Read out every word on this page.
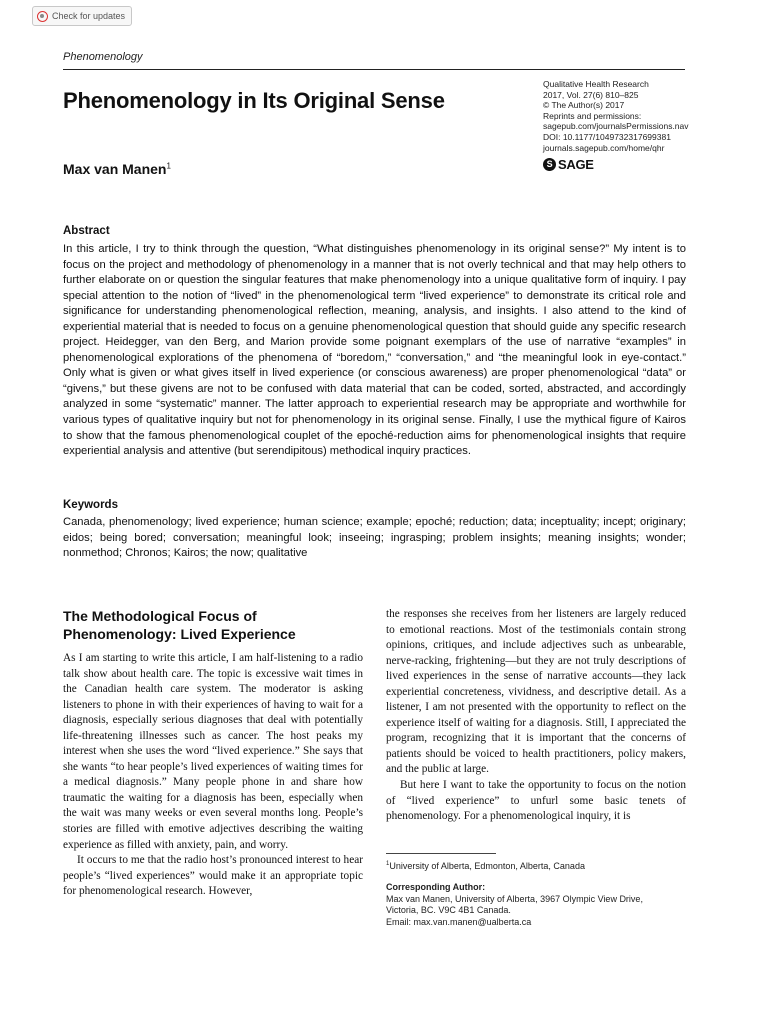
Check for updates
Phenomenology
Phenomenology in Its Original Sense
Max van Manen$^1$
Qualitative Health Research
2017, Vol. 27(6) 810–825
© The Author(s) 2017
Reprints and permissions:
sagepub.com/journalsPermissions.nav
DOI: 10.1177/1049732317699381
journals.sagepub.com/home/qhr
S SAGE
Abstract

In this article, I try to think through the question, “What distinguishes phenomenology in its original sense?” My intent is to focus on the project and methodology of phenomenology in a manner that is not overly technical and that may help others to further elaborate on or question the singular features that make phenomenology into a unique qualitative form of inquiry. I pay special attention to the notion of “lived” in the phenomenological term “lived experience” to demonstrate its critical role and significance for understanding phenomenological reflection, meaning, analysis, and insights. I also attend to the kind of experiential material that is needed to focus on a genuine phenomenological question that should guide any specific research project. Heidegger, van den Berg, and Marion provide some poignant exemplars of the use of narrative “examples” in phenomenological explorations of the phenomena of “boredom,” “conversation,” and “the meaningful look in eye-contact.” Only what is given or what gives itself in lived experience (or conscious awareness) are proper phenomenological “data” or “givens,” but these givens are not to be confused with data material that can be coded, sorted, abstracted, and accordingly analyzed in some “systematic” manner. The latter approach to experiential research may be appropriate and worthwhile for various types of qualitative inquiry but not for phenomenology in its original sense. Finally, I use the mythical figure of Kairos to show that the famous phenomenological couplet of the epoché-reduction aims for phenomenological insights that require experiential analysis and attentive (but serendipitous) methodical inquiry practices.

Keywords

Canada, phenomenology; lived experience; human science; example; epoché; reduction; data; inceptuality; incept; originary; eidos; being bored; conversation; meaningful look; inseeing; ingrasping; problem insights; meaning insights; wonder; nonmethod; Chronos; Kairos; the now; qualitative

The Methodological Focus of Phenomenology: Lived Experience

As I am starting to write this article, I am half-listening to a radio talk show about health care. The topic is excessive wait times in the Canadian health care system. The moderator is asking listeners to phone in with their experiences of having to wait for a diagnosis, especially serious diagnoses that deal with potentially life-threatening illnesses such as cancer. The host peaks my interest when she uses the word “lived experience.” She says that she wants “to hear people’s lived experiences of waiting times for a medical diagnosis.” Many people phone in and share how traumatic the waiting for a diagnosis has been, especially when the wait was many weeks or even several months long. People’s stories are filled with emotive adjectives describing the waiting experience as filled with anxiety, pain, and worry.

It occurs to me that the radio host’s pronounced interest to hear people’s “lived experiences” would make it an appropriate topic for phenomenological research. However,

the responses she receives from her listeners are largely reduced to emotional reactions. Most of the testimonials contain strong opinions, critiques, and include adjectives such as unbearable, nerve-racking, frightening—but they are not truly descriptions of lived experiences in the sense of narrative accounts—they lack experiential concreteness, vividness, and descriptive detail. As a listener, I am not presented with the opportunity to reflect on the experience itself of waiting for a diagnosis. Still, I appreciated the program, recognizing that it is important that the concerns of patients should be voiced to health practitioners, policy makers, and the public at large.

But here I want to take the opportunity to focus on the notion of “lived experience” to unfurl some basic tenets of phenomenology. For a phenomenological inquiry, it is

$^1$University of Alberta, Edmonton, Alberta, Canada
Corresponding Author:
Max van Manen, University of Alberta, 3967 Olympic View Drive,
Victoria, BC. V9C 4B1 Canada.
Email: max.van.manen@ualberta.ca
